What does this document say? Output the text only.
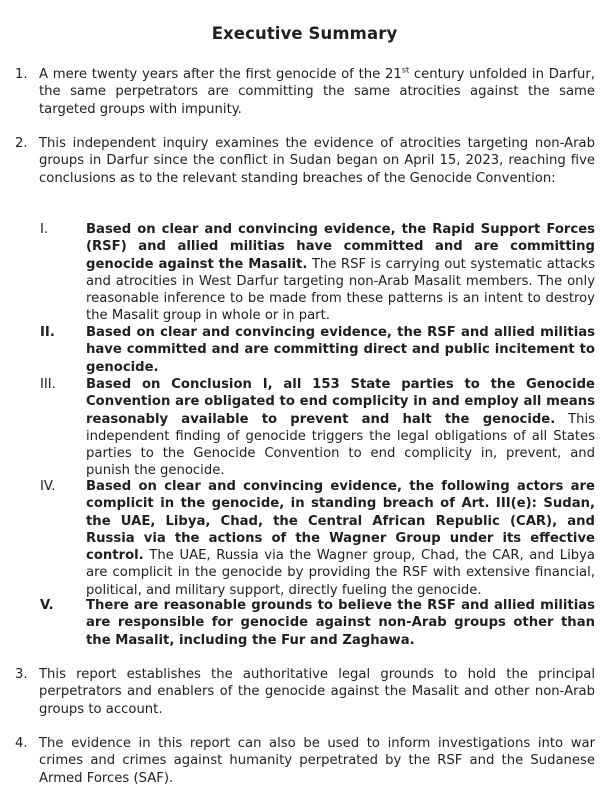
Executive Summary
1. A mere twenty years after the first genocide of the 21st century unfolded in Darfur, the same perpetrators are committing the same atrocities against the same targeted groups with impunity.
2. This independent inquiry examines the evidence of atrocities targeting non-Arab groups in Darfur since the conflict in Sudan began on April 15, 2023, reaching five conclusions as to the relevant standing breaches of the Genocide Convention:
I.	Based on clear and convincing evidence, the Rapid Support Forces (RSF) and allied militias have committed and are committing genocide against the Masalit. The RSF is carrying out systematic attacks and atrocities in West Darfur targeting non-Arab Masalit members. The only reasonable inference to be made from these patterns is an intent to destroy the Masalit group in whole or in part.
II. Based on clear and convincing evidence, the RSF and allied militias have committed and are committing direct and public incitement to genocide.
III. Based on Conclusion I, all 153 State parties to the Genocide Convention are obligated to end complicity in and employ all means reasonably available to prevent and halt the genocide. This independent finding of genocide triggers the legal obligations of all States parties to the Genocide Convention to end complicity in, prevent, and punish the genocide.
IV. Based on clear and convincing evidence, the following actors are complicit in the genocide, in standing breach of Art. III(e): Sudan, the UAE, Libya, Chad, the Central African Republic (CAR), and Russia via the actions of the Wagner Group under its effective control. The UAE, Russia via the Wagner group, Chad, the CAR, and Libya are complicit in the genocide by providing the RSF with extensive financial, political, and military support, directly fueling the genocide.
V. There are reasonable grounds to believe the RSF and allied militias are responsible for genocide against non-Arab groups other than the Masalit, including the Fur and Zaghawa.
3. This report establishes the authoritative legal grounds to hold the principal perpetrators and enablers of the genocide against the Masalit and other non-Arab groups to account.
4. The evidence in this report can also be used to inform investigations into war crimes and crimes against humanity perpetrated by the RSF and the Sudanese Armed Forces (SAF).
